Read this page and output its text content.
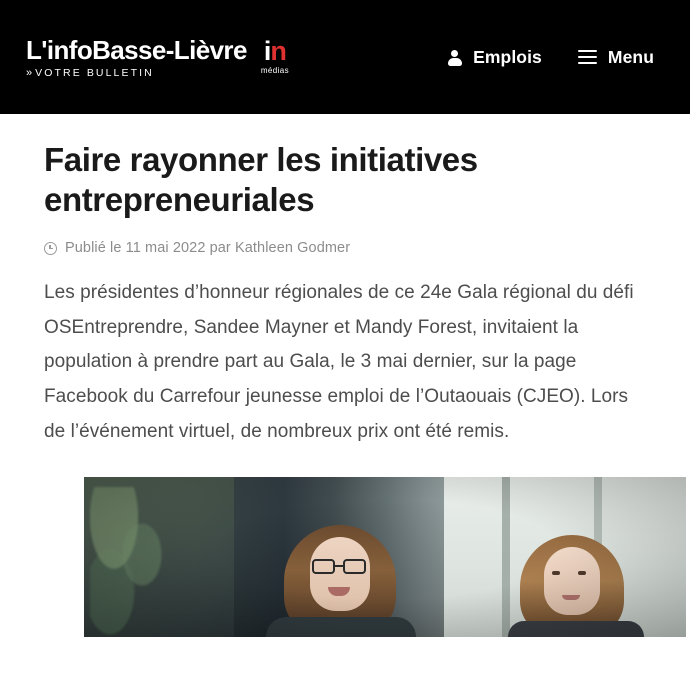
L'infoBasse-Lièvre
» VOTRE BULLETIN
in
médias
Emplois	Menu
Faire rayonner les initiatives entrepreneuriales
Publié le 11 mai 2022 par Kathleen Godmer

Les présidentes d’honneur régionales de ce 24e Gala régional du défi OSEntreprendre, Sandee Mayner et Mandy Forest, invitaient la population à prendre part au Gala, le 3 mai dernier, sur la page Facebook du Carrefour jeunesse emploi de l’Outaouais (CJEO). Lors de l’événement virtuel, de nombreux prix ont été remis.
